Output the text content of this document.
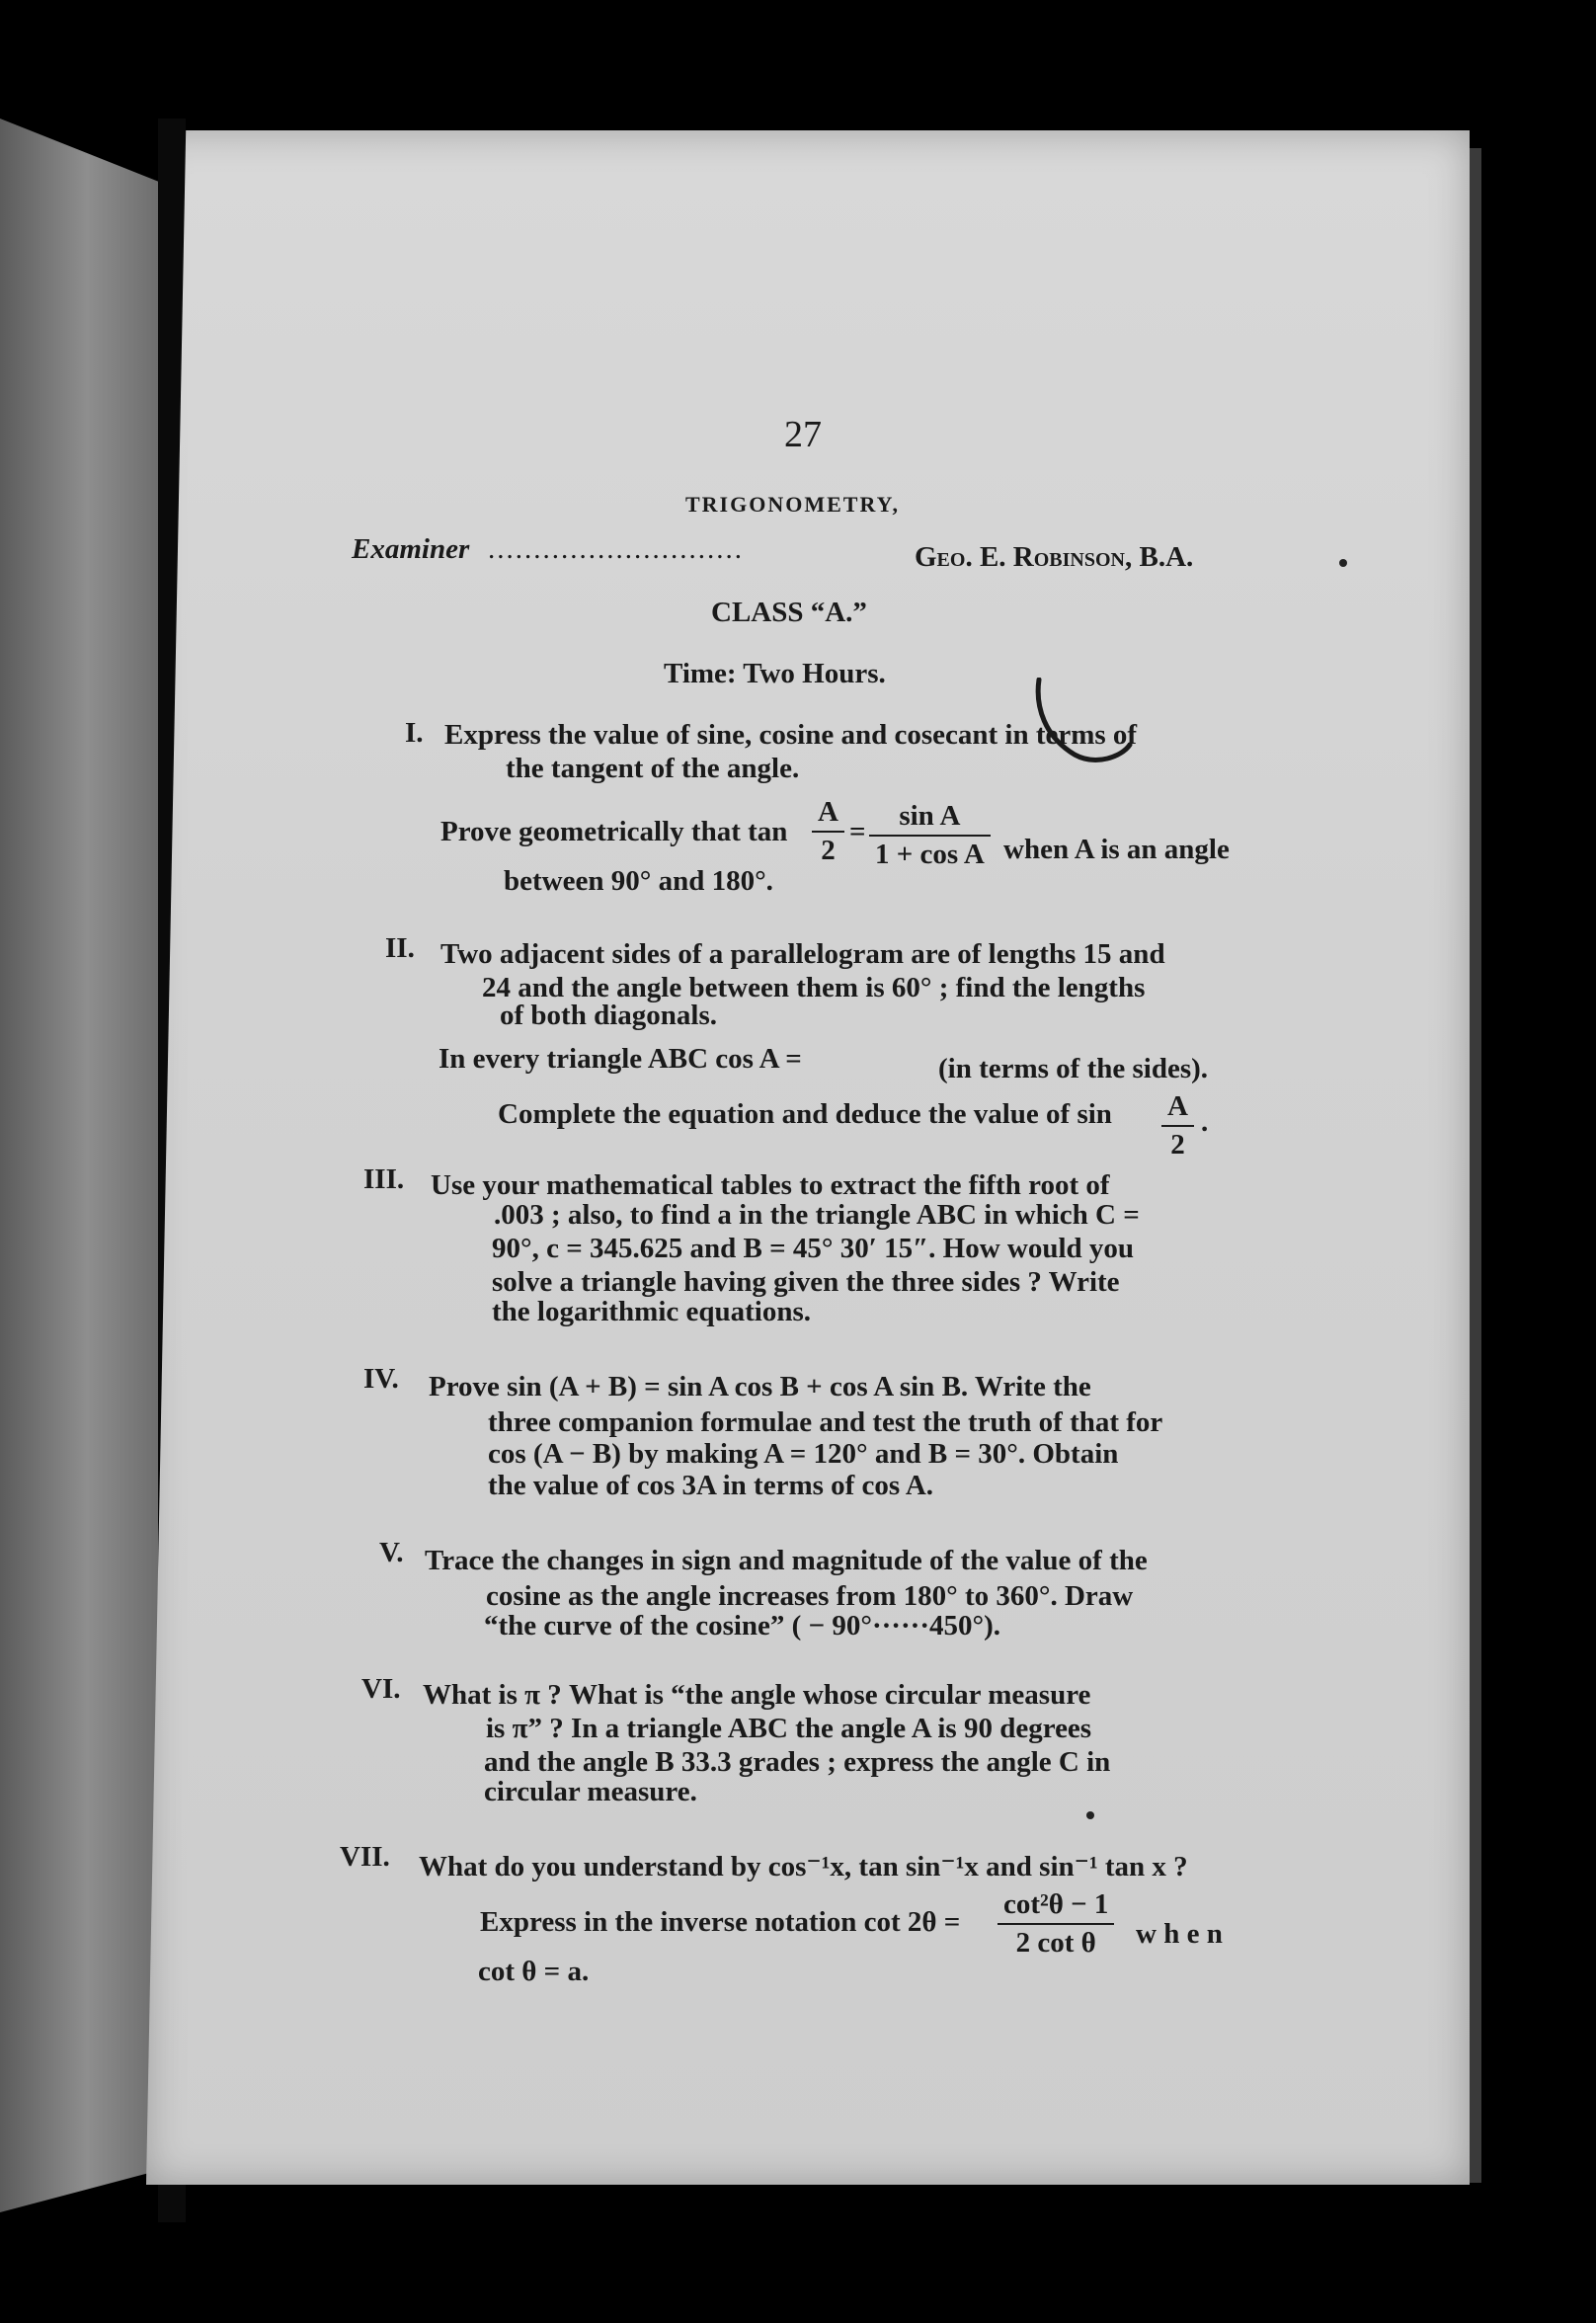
27
TRIGONOMETRY,
Examiner ............................	Geo. E. Robinson, B.A.
CLASS “A.”
Time: Two Hours.
I. Express the value of sine, cosine and cosecant in terms of
the tangent of the angle.
Prove geometrically that tan
A
2
= sin A
1 + cos A when A is an angle
between 90° and 180°.
II. Two adjacent sides of a parallelogram are of lengths 15 and
24 and the angle between them is 60° ; find the lengths
of both diagonals.
In every triangle ABC cos A =	(in terms of the sides).
Complete the equation and deduce the value of sin A
2
.
III. Use your mathematical tables to extract the fifth root of
.003 ; also, to find a in the triangle ABC in which C =
90°, c = 345.625 and B = 45° 30′ 15″. How would you
solve a triangle having given the three sides ? Write
the logarithmic equations.
IV. Prove sin (A + B) = sin A cos B + cos A sin B. Write the
three companion formulae and test the truth of that for
cos (A − B) by making A = 120° and B = 30°. Obtain
the value of cos 3A in terms of cos A.
V. Trace the changes in sign and magnitude of the value of the
cosine as the angle increases from 180° to 360°. Draw
“the curve of the cosine” ( − 90°······450°).
VI. What is π ? What is “the angle whose circular measure
is π” ? In a triangle ABC the angle A is 90 degrees
and the angle B 33.3 grades ; express the angle C in
circular measure.
VII. What do you understand by cos⁻¹x, tan sin⁻¹x and sin⁻¹ tan x ?
Express in the inverse notation cot 2θ =
cot²θ − 1
2 cot θ w h e n
cot θ = a.
